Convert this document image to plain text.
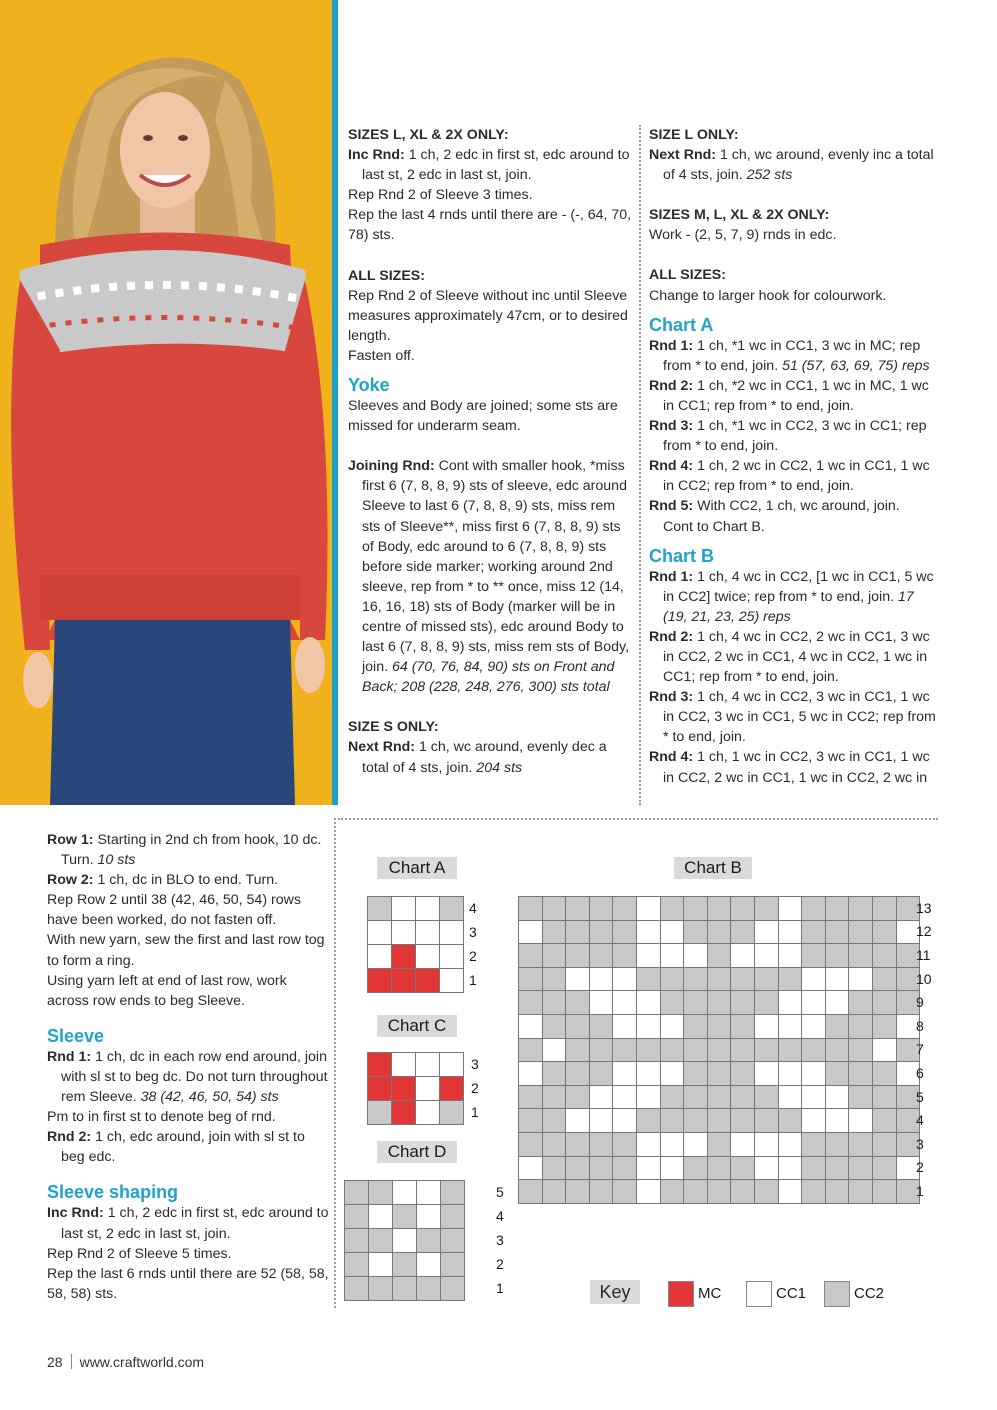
SIZES L, XL & 2X ONLY:

Inc Rnd: 1 ch, 2 edc in first st, edc around to last st, 2 edc in last st, join.

Rep Rnd 2 of Sleeve 3 times.

Rep the last 4 rnds until there are - (-, 64, 70, 78) sts.

ALL SIZES:

Rep Rnd 2 of Sleeve without inc until Sleeve measures approximately 47cm, or to desired length.

Fasten off.

Yoke

Sleeves and Body are joined; some sts are missed for underarm seam.

Joining Rnd: Cont with smaller hook, *miss first 6 (7, 8, 8, 9) sts of sleeve, edc around Sleeve to last 6 (7, 8, 8, 9) sts, miss rem sts of Sleeve**, miss first 6 (7, 8, 8, 9) sts of Body, edc around to 6 (7, 8, 8, 9) sts before side marker; working around 2nd sleeve, rep from * to ** once, miss 12 (14, 16, 16, 18) sts of Body (marker will be in centre of missed sts), edc around Body to last 6 (7, 8, 8, 9) sts, miss rem sts of Body, join. 64 (70, 76, 84, 90) sts on Front and Back; 208 (228, 248, 276, 300) sts total

SIZE S ONLY:

Next Rnd: 1 ch, wc around, evenly dec a total of 4 sts, join. 204 sts

SIZE L ONLY:

Next Rnd: 1 ch, wc around, evenly inc a total of 4 sts, join. 252 sts

SIZES M, L, XL & 2X ONLY:

Work - (2, 5, 7, 9) rnds in edc.

ALL SIZES:

Change to larger hook for colourwork.

Chart A

Rnd 1: 1 ch, *1 wc in CC1, 3 wc in MC; rep from * to end, join. 51 (57, 63, 69, 75) reps

Rnd 2: 1 ch, *2 wc in CC1, 1 wc in MC, 1 wc in CC1; rep from * to end, join.

Rnd 3: 1 ch, *1 wc in CC2, 3 wc in CC1; rep from * to end, join.

Rnd 4: 1 ch, 2 wc in CC2, 1 wc in CC1, 1 wc in CC2; rep from * to end, join.

Rnd 5: With CC2, 1 ch, wc around, join.

Cont to Chart B.

Chart B

Rnd 1: 1 ch, 4 wc in CC2, [1 wc in CC1, 5 wc in CC2] twice; rep from * to end, join. 17 (19, 21, 23, 25) reps

Rnd 2: 1 ch, 4 wc in CC2, 2 wc in CC1, 3 wc in CC2, 2 wc in CC1, 4 wc in CC2, 1 wc in CC1; rep from * to end, join.

Rnd 3: 1 ch, 4 wc in CC2, 3 wc in CC1, 1 wc in CC2, 3 wc in CC1, 5 wc in CC2; rep from * to end, join.

Rnd 4: 1 ch, 1 wc in CC2, 3 wc in CC1, 1 wc in CC2, 2 wc in CC1, 1 wc in CC2, 2 wc in

Row 1: Starting in 2nd ch from hook, 10 dc. Turn. 10 sts

Row 2: 1 ch, dc in BLO to end. Turn.

Rep Row 2 until 38 (42, 46, 50, 54) rows have been worked, do not fasten off.

With new yarn, sew the first and last row tog to form a ring.

Using yarn left at end of last row, work across row ends to beg Sleeve.

Sleeve

Rnd 1: 1 ch, dc in each row end around, join with sl st to beg dc. Do not turn throughout rem Sleeve. 38 (42, 46, 50, 54) sts

Pm to in first st to denote beg of rnd.

Rnd 2: 1 ch, edc around, join with sl st to beg edc.

Sleeve shaping

Inc Rnd: 1 ch, 2 edc in first st, edc around to last st, 2 edc in last st, join.

Rep Rnd 2 of Sleeve 5 times.

Rep the last 6 rnds until there are 52 (58, 58, 58, 58) sts.

Chart A	Chart B
Chart C
Chart D
4
3
2
1
3
2
1
5
4
3
2
1
13
12
11
10
9
8
7
6
5
4
3
2
1
Key	MC	CC1	CC2
28 www.craftworld.com
